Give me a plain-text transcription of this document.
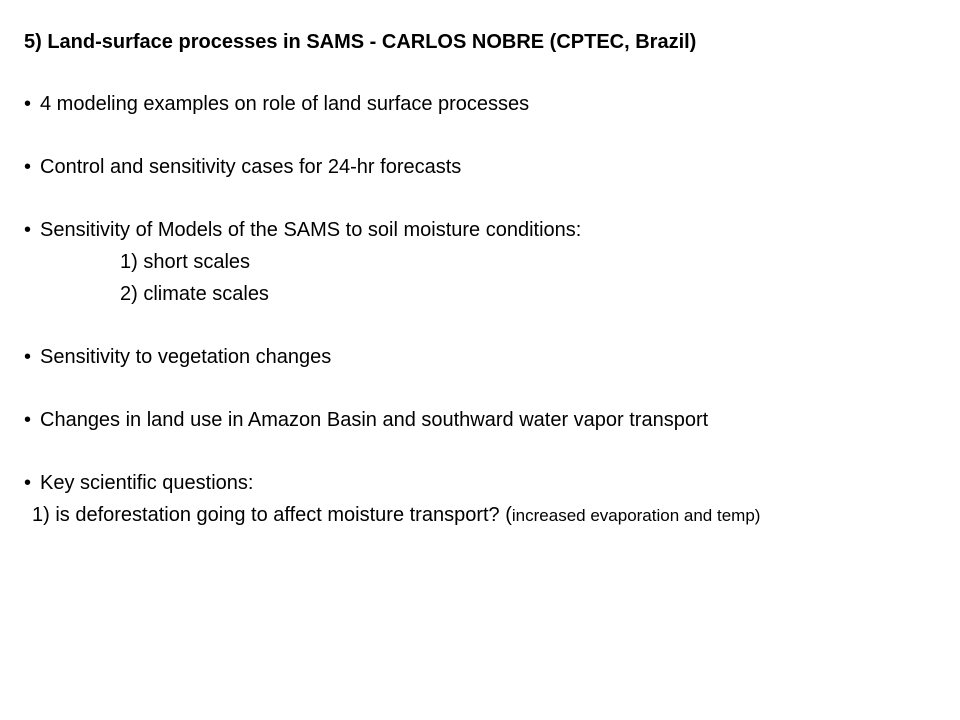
5) Land-surface processes in SAMS - CARLOS NOBRE (CPTEC, Brazil)
• 4 modeling examples on role of land surface processes
• Control and sensitivity cases for 24-hr forecasts
• Sensitivity of Models of the SAMS to soil moisture conditions:
1) short scales
2) climate scales
• Sensitivity to vegetation changes
• Changes in land use in Amazon Basin and southward water vapor transport
• Key scientific questions:
1) is deforestation going to affect moisture transport? (increased evaporation and temp)
